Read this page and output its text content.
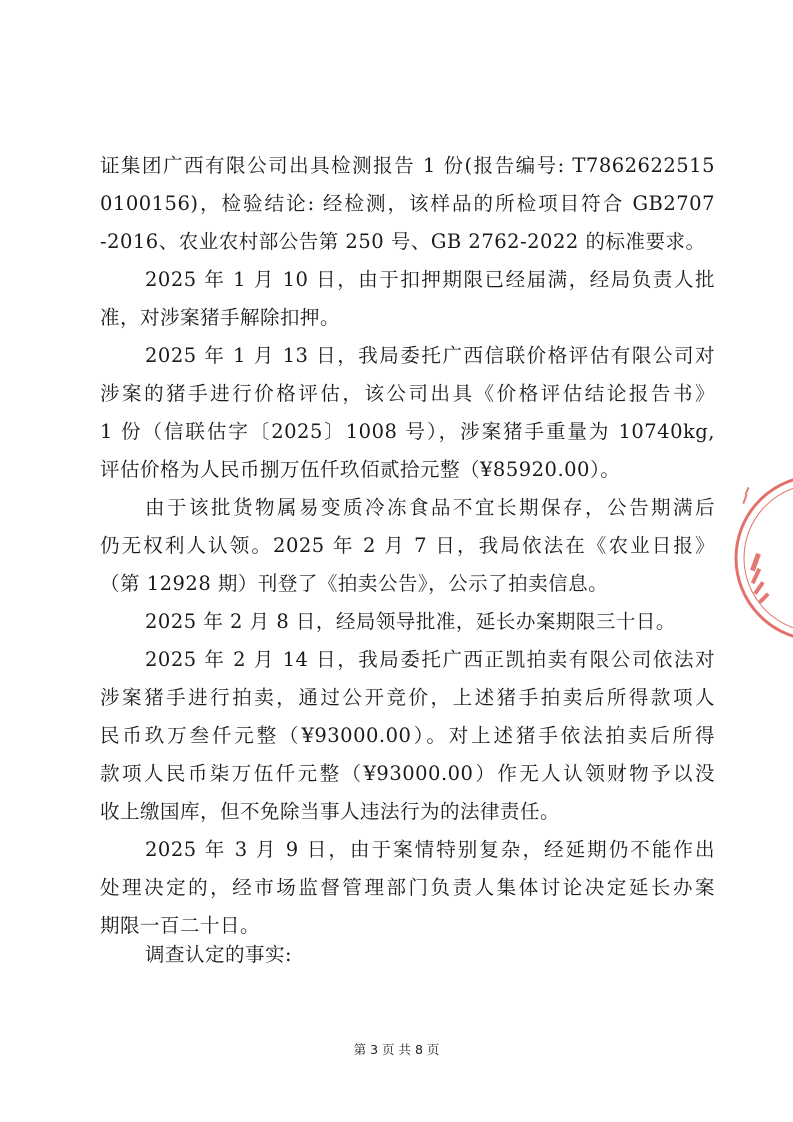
证集团广西有限公司出具检测报告 1 份(报告编号: T7862622515
0100156)，检验结论: 经检测，该样品的所检项目符合 GB2707
-2016、农业农村部公告第 250 号、GB 2762-2022 的标准要求。
2025 年 1 月 10 日，由于扣押期限已经届满，经局负责人批
准，对涉案猪手解除扣押。
2025 年 1 月 13 日，我局委托广西信联价格评估有限公司对
涉案的猪手进行价格评估，该公司出具《价格评估结论报告书》
1 份（信联估字〔2025〕1008 号），涉案猪手重量为 10740kg,
评估价格为人民币捌万伍仟玖佰贰拾元整（¥85920.00）。
由于该批货物属易变质冷冻食品不宜长期保存，公告期满后
仍无权利人认领。2025 年 2 月 7 日，我局依法在《农业日报》
（第 12928 期）刊登了《拍卖公告》，公示了拍卖信息。
2025 年 2 月 8 日，经局领导批准，延长办案期限三十日。
2025 年 2 月 14 日，我局委托广西正凯拍卖有限公司依法对
涉案猪手进行拍卖，通过公开竞价，上述猪手拍卖后所得款项人
民币玖万叁仟元整（¥93000.00）。对上述猪手依法拍卖后所得
款项人民币柒万伍仟元整（¥93000.00）作无人认领财物予以没
收上缴国库，但不免除当事人违法行为的法律责任。
2025 年 3 月 9 日，由于案情特别复杂，经延期仍不能作出
处理决定的，经市场监督管理部门负责人集体讨论决定延长办案
期限一百二十日。
调查认定的事实:
第 3 页 共 8 页
